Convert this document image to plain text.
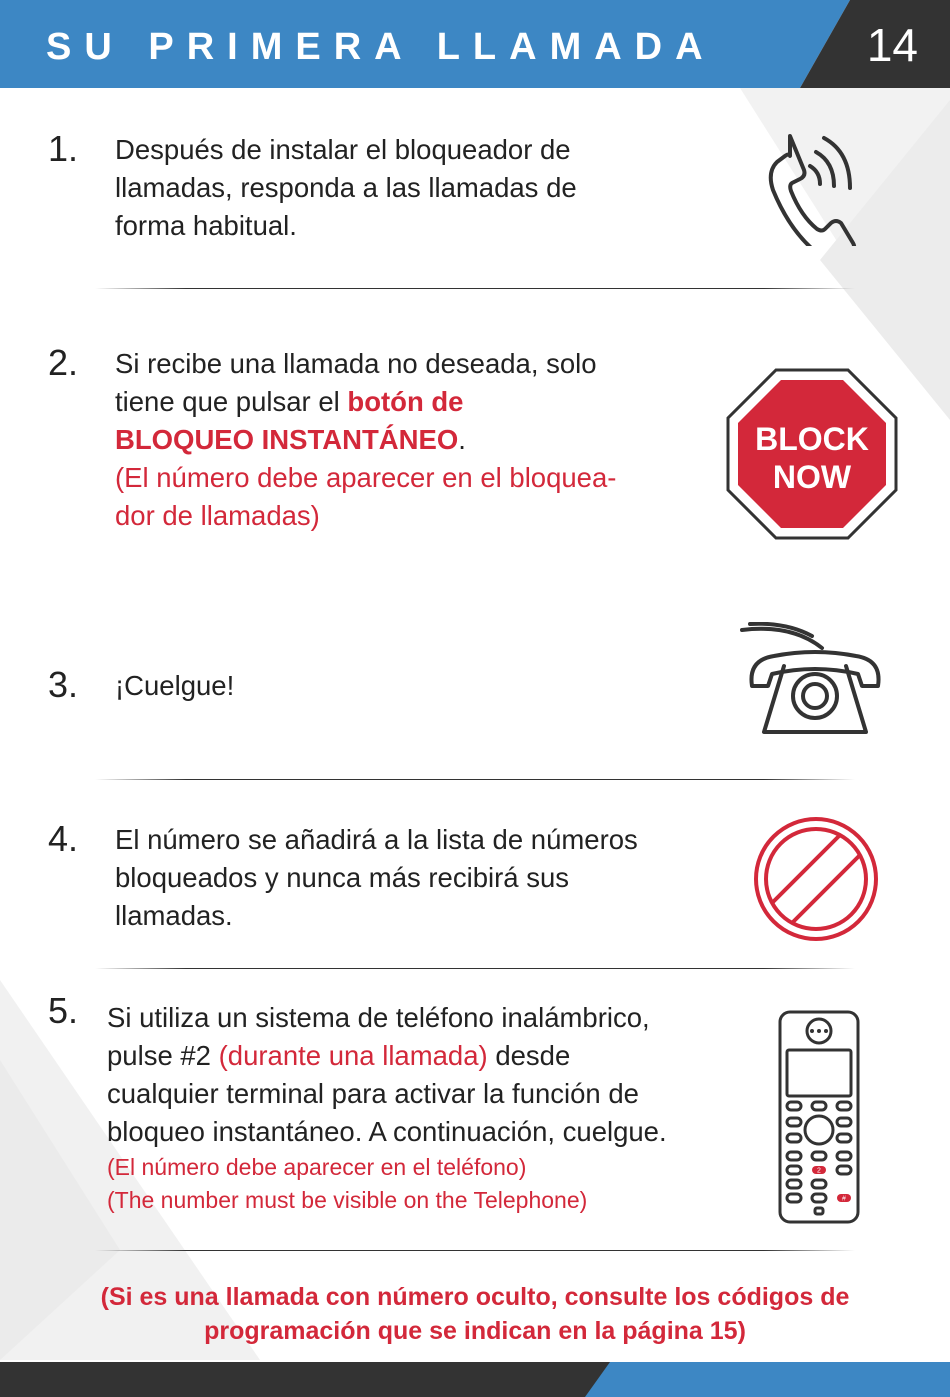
SU PRIMERA LLAMADA	14
1. Después de instalar el bloqueador de
llamadas, responda a las llamadas de
forma habitual.
2. Si recibe una llamada no deseada, solo
tiene que pulsar el botón de
BLOQUEO INSTANTÁNEO.
(El número debe aparecer en el bloquea-
dor de llamadas)
BLOCK
NOW
3. ¡Cuelgue!
4. El número se añadirá a la lista de números
bloqueados y nunca más recibirá sus
llamadas.
5. Si utiliza un sistema de teléfono inalámbrico,
pulse #2 (durante una llamada) desde
cualquier terminal para activar la función de
bloqueo instantáneo. A continuación, cuelgue.
(El número debe aparecer en el teléfono)
(The number must be visible on the Telephone)
2
#
(Si es una llamada con número oculto, consulte los códigos de
programación que se indican en la página 15)
